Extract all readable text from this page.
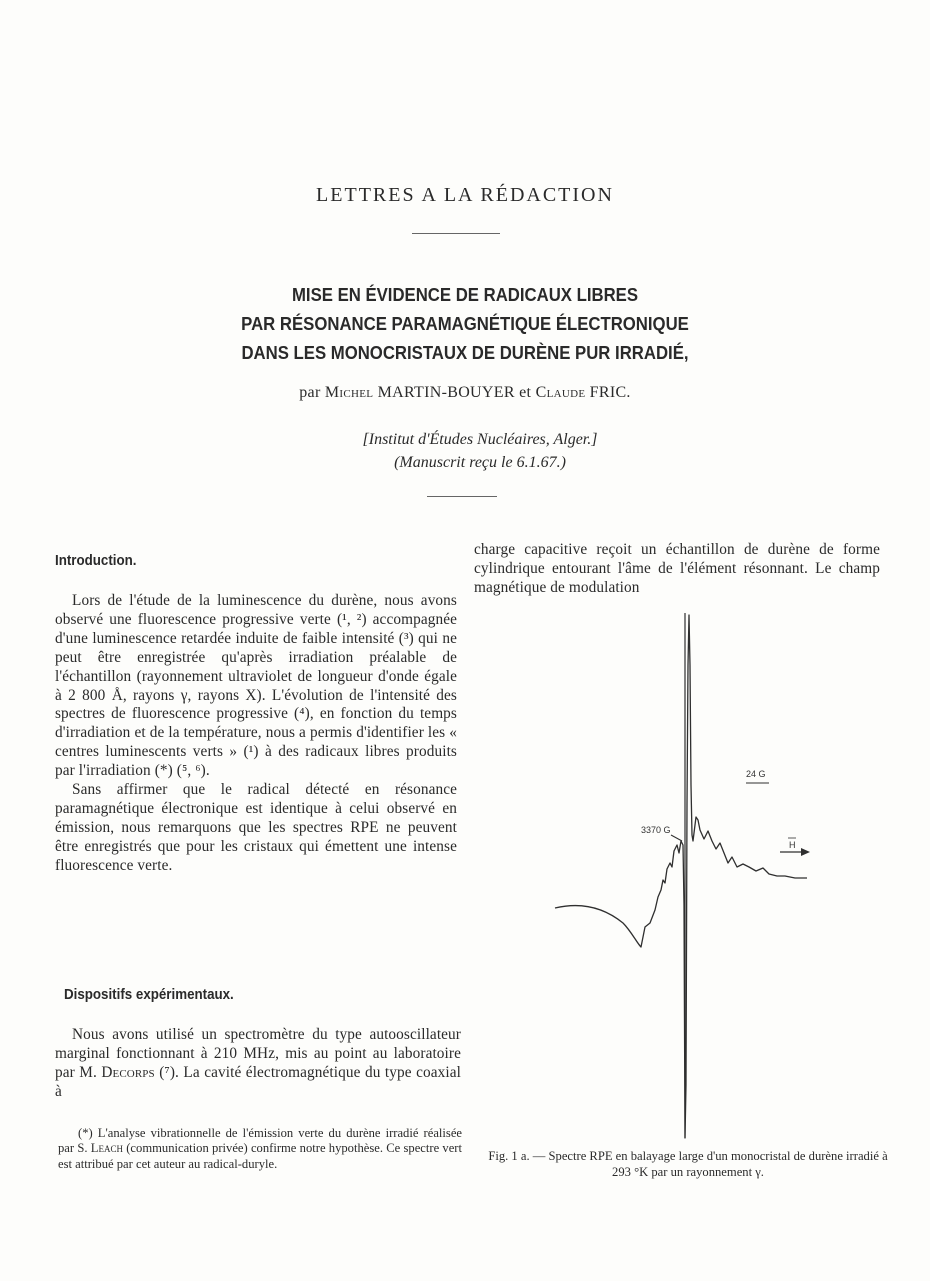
LETTRES A LA RÉDACTION
MISE EN ÉVIDENCE DE RADICAUX LIBRES
PAR RÉSONANCE PARAMAGNÉTIQUE ÉLECTRONIQUE
DANS LES MONOCRISTAUX DE DURÈNE PUR IRRADIÉ,
par Michel MARTIN-BOUYER et Claude FRIC.
[Institut d'Études Nucléaires, Alger.]
(Manuscrit reçu le 6.1.67.)
Introduction.

Lors de l'étude de la luminescence du durène, nous avons observé une fluorescence progressive verte (¹, ²) accompagnée d'une luminescence retardée induite de faible intensité (³) qui ne peut être enregistrée qu'après irradiation préalable de l'échantillon (rayonnement ultraviolet de longueur d'onde égale à 2 800 Å, rayons γ, rayons X). L'évolution de l'intensité des spectres de fluorescence progressive (⁴), en fonction du temps d'irradiation et de la température, nous a permis d'identifier les « centres luminescents verts » (¹) à des radicaux libres produits par l'irradiation (*) (⁵, ⁶).

Sans affirmer que le radical détecté en résonance paramagnétique électronique est identique à celui observé en émission, nous remarquons que les spectres RPE ne peuvent être enregistrés que pour les cristaux qui émettent une intense fluorescence verte.

Dispositifs expérimentaux.

Nous avons utilisé un spectromètre du type autooscillateur marginal fonctionnant à 210 MHz, mis au point au laboratoire par M. Decorps (⁷). La cavité électromagnétique du type coaxial à

(*) L'analyse vibrationnelle de l'émission verte du durène irradié réalisée par S. Leach (communication privée) confirme notre hypothèse. Ce spectre vert est attribué par cet auteur au radical-duryle.

charge capacitive reçoit un échantillon de durène de forme cylindrique entourant l'âme de l'élément résonnant. Le champ magnétique de modulation
3370 G
24 G
H
Fig. 1 a. — Spectre RPE en balayage large d'un monocristal de durène irradié à 293 °K par un rayonnement γ.
